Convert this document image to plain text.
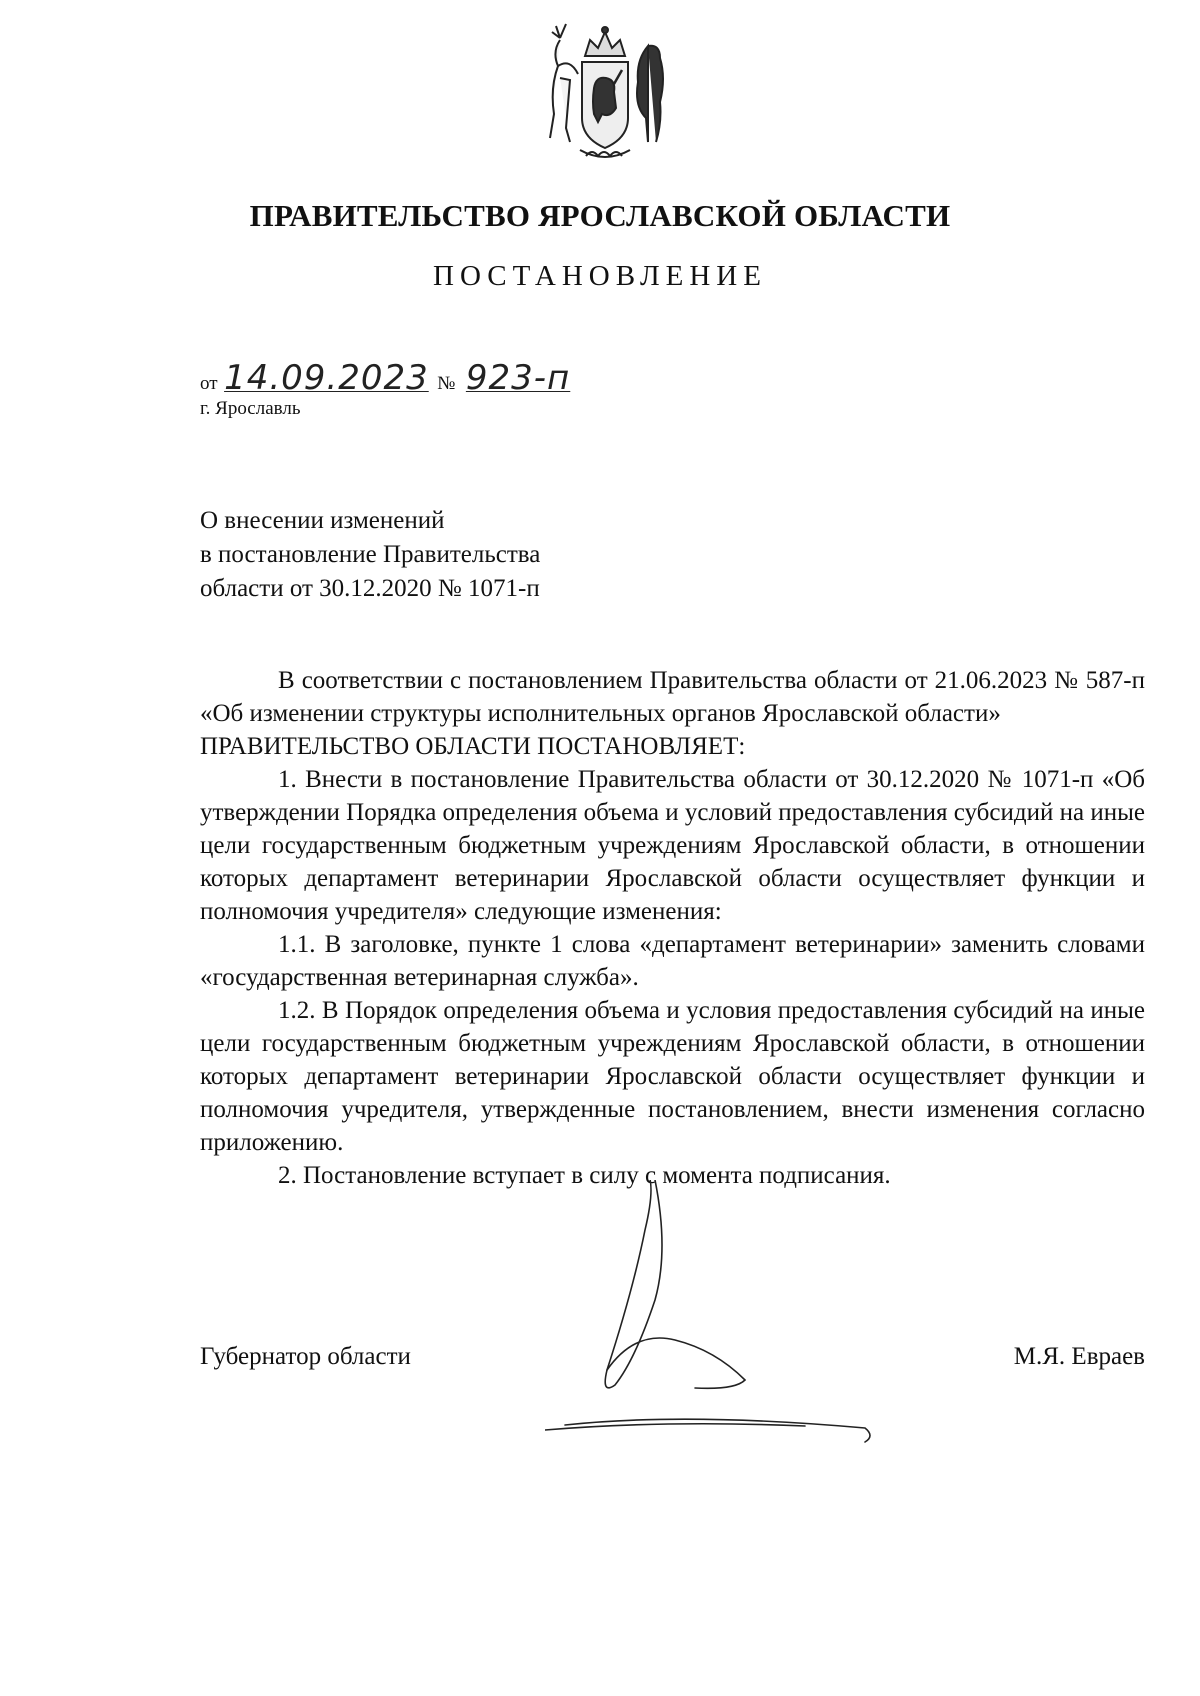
ПРАВИТЕЛЬСТВО ЯРОСЛАВСКОЙ ОБЛАСТИ
ПОСТАНОВЛЕНИЕ
от 14.09.2023 № 923-п
г. Ярославль
О внесении изменений
в постановление Правительства
области от 30.12.2020 № 1071-п

В соответствии с постановлением Правительства области от 21.06.2023 № 587-п «Об изменении структуры исполнительных органов Ярославской области»

ПРАВИТЕЛЬСТВО ОБЛАСТИ ПОСТАНОВЛЯЕТ:

1. Внести в постановление Правительства области от 30.12.2020 № 1071-п «Об утверждении Порядка определения объема и условий предоставления субсидий на иные цели государственным бюджетным учреждениям Ярославской области, в отношении которых департамент ветеринарии Ярославской области осуществляет функции и полномочия учредителя» следующие изменения:

1.1. В заголовке, пункте 1 слова «департамент ветеринарии» заменить словами «государственная ветеринарная служба».

1.2. В Порядок определения объема и условия предоставления субсидий на иные цели государственным бюджетным учреждениям Ярославской области, в отношении которых департамент ветеринарии Ярославской области осуществляет функции и полномочия учредителя, утвержденные постановлением, внести изменения согласно приложению.

2. Постановление вступает в силу с момента подписания.

Губернатор области	М.Я. Евраев
